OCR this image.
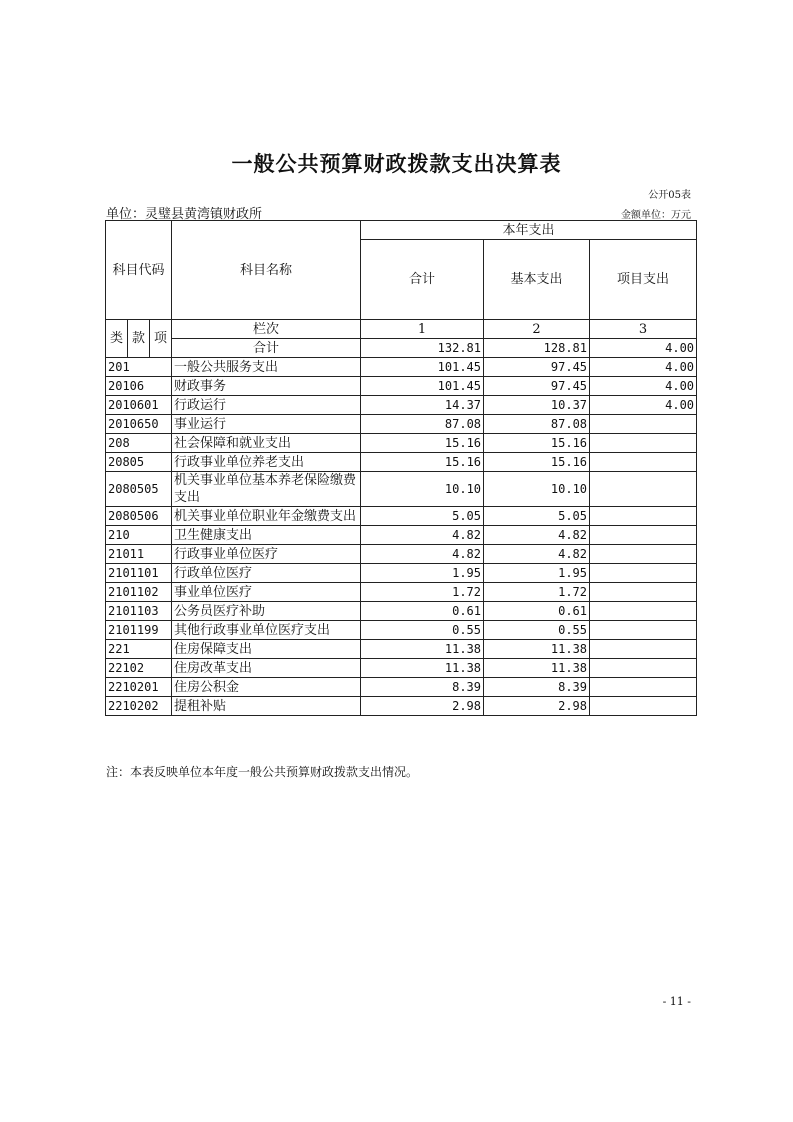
一般公共预算财政拨款支出决算表
公开05表
单位：灵璧县黄湾镇财政所	金额单位：万元
科目代码			科目名称	本年支出		
				合计	基本支出	项目支出
类	款	项	栏次	1	2	3
			合计	132.81	128.81	4.00
201			一般公共服务支出	101.45	97.45	4.00
20106			财政事务	101.45	97.45	4.00
2010601			行政运行	14.37	10.37	4.00
2010650			事业运行	87.08	87.08	
208			社会保障和就业支出	15.16	15.16	
20805			行政事业单位养老支出	15.16	15.16	
2080505			机关事业单位基本养老保险缴费支出	10.10	10.10	
2080506			机关事业单位职业年金缴费支出	5.05	5.05	
210			卫生健康支出	4.82	4.82	
21011			行政事业单位医疗	4.82	4.82	
2101101			行政单位医疗	1.95	1.95	
2101102			事业单位医疗	1.72	1.72	
2101103			公务员医疗补助	0.61	0.61	
2101199			其他行政事业单位医疗支出	0.55	0.55	
221			住房保障支出	11.38	11.38	
22102			住房改革支出	11.38	11.38	
2210201			住房公积金	8.39	8.39	
2210202			提租补贴	2.98	2.98	
注：本表反映单位本年度一般公共预算财政拨款支出情况。
- 11 -
